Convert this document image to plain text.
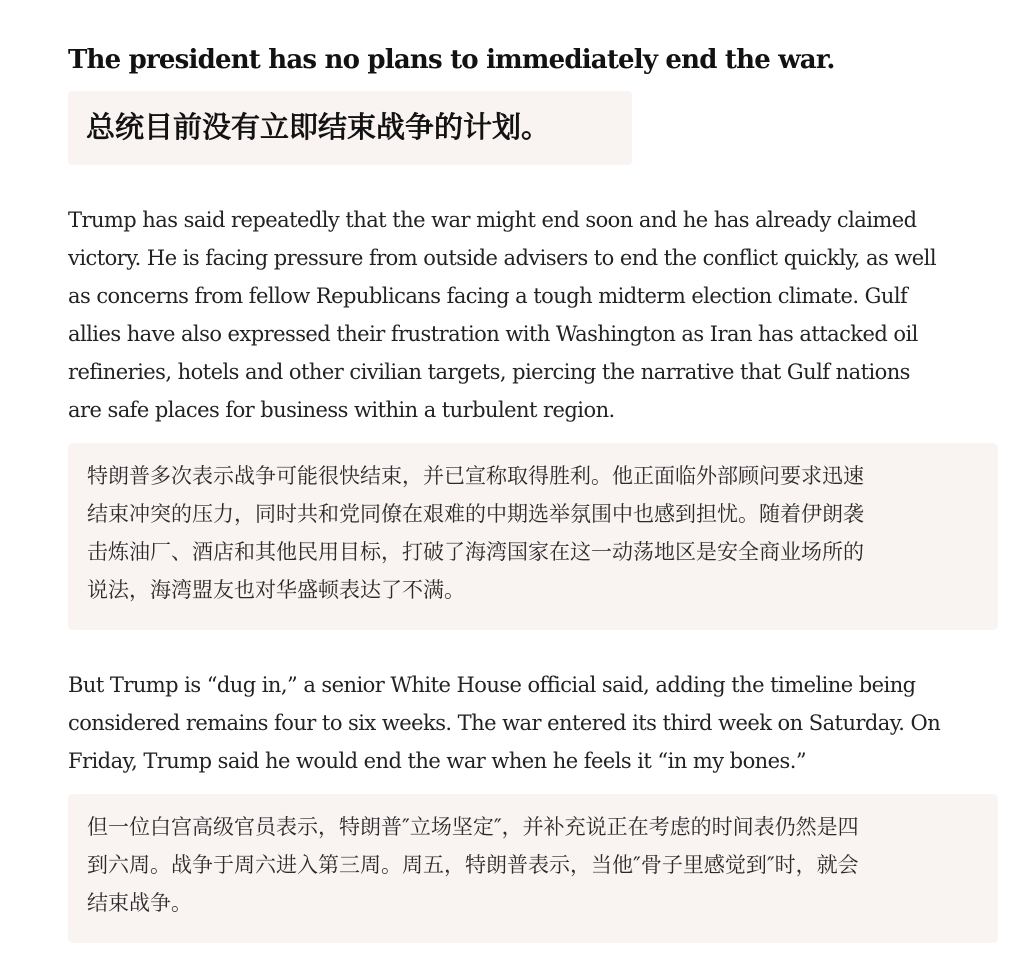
The president has no plans to immediately end the war.
总统目前没有立即结束战争的计划。

Trump has said repeatedly that the war might end soon and he has already claimed
victory. He is facing pressure from outside advisers to end the conflict quickly, as well
as concerns from fellow Republicans facing a tough midterm election climate. Gulf
allies have also expressed their frustration with Washington as Iran has attacked oil
refineries, hotels and other civilian targets, piercing the narrative that Gulf nations
are safe places for business within a turbulent region.

特朗普多次表示战争可能很快结束，并已宣称取得胜利。他正面临外部顾问要求迅速
结束冲突的压力，同时共和党同僚在艰难的中期选举氛围中也感到担忧。随着伊朗袭
击炼油厂、酒店和其他民用目标，打破了海湾国家在这一动荡地区是安全商业场所的
说法，海湾盟友也对华盛顿表达了不满。

But Trump is “dug in,” a senior White House official said, adding the timeline being
considered remains four to six weeks. The war entered its third week on Saturday. On
Friday, Trump said he would end the war when he feels it “in my bones.”

但一位白宫高级官员表示，特朗普″立场坚定″，并补充说正在考虑的时间表仍然是四
到六周。战争于周六进入第三周。周五，特朗普表示，当他″骨子里感觉到″时，就会
结束战争。
